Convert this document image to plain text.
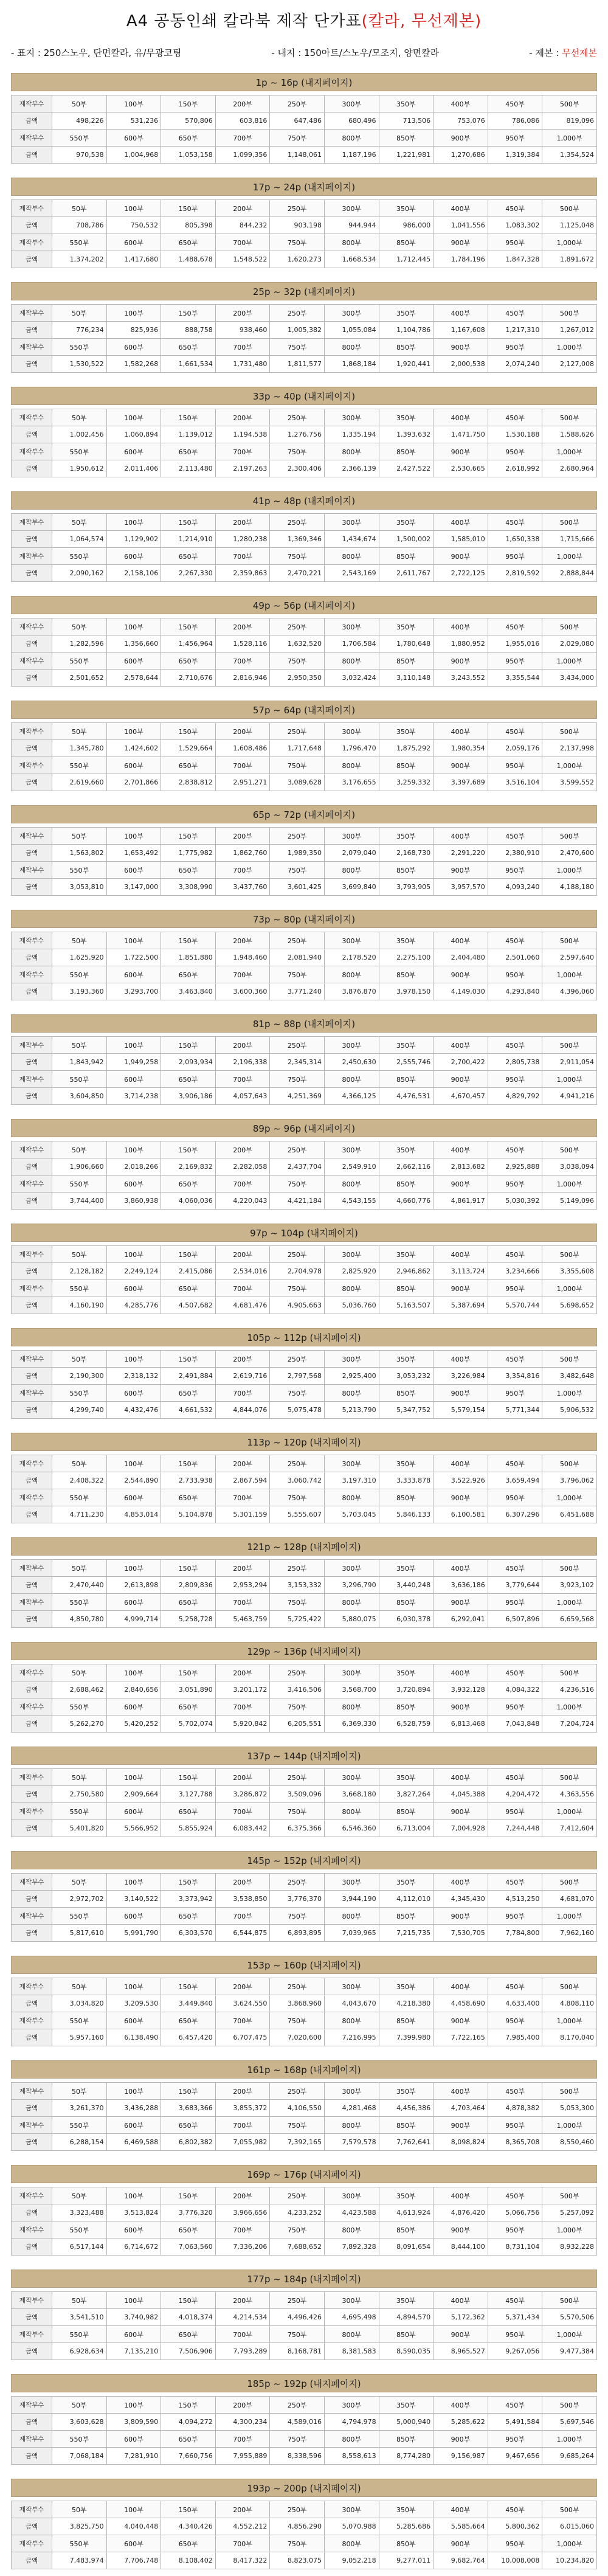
A4 공동인쇄 칼라북 제작 단가표 (칼라, 무선제본)
- 표지 : 250스노우, 단면칼라, 유/무광코팅	- 내지 : 150아트/스노우/모조지, 양면칼라	- 제본 : 무선제본
1p ~ 16p (내지페이지)
제작부수	50부	100부	150부	200부	250부	300부	350부	400부	450부	500부
금액	498,226	531,236	570,806	603,816	647,486	680,496	713,506	753,076	786,086	819,096
제작부수	550부	600부	650부	700부	750부	800부	850부	900부	950부	1,000부
금액	970,538	1,004,968	1,053,158	1,099,356	1,148,061	1,187,196	1,221,981	1,270,686	1,319,384	1,354,524
17p ~ 24p (내지페이지)
제작부수	50부	100부	150부	200부	250부	300부	350부	400부	450부	500부
금액	708,786	750,532	805,398	844,232	903,198	944,944	986,000	1,041,556	1,083,302	1,125,048
제작부수	550부	600부	650부	700부	750부	800부	850부	900부	950부	1,000부
금액	1,374,202	1,417,680	1,488,678	1,548,522	1,620,273	1,668,534	1,712,445	1,784,196	1,847,328	1,891,672
25p ~ 32p (내지페이지)
제작부수	50부	100부	150부	200부	250부	300부	350부	400부	450부	500부
금액	776,234	825,936	888,758	938,460	1,005,382	1,055,084	1,104,786	1,167,608	1,217,310	1,267,012
제작부수	550부	600부	650부	700부	750부	800부	850부	900부	950부	1,000부
금액	1,530,522	1,582,268	1,661,534	1,731,480	1,811,577	1,868,184	1,920,441	2,000,538	2,074,240	2,127,008
33p ~ 40p (내지페이지)
제작부수	50부	100부	150부	200부	250부	300부	350부	400부	450부	500부
금액	1,002,456	1,060,894	1,139,012	1,194,538	1,276,756	1,335,194	1,393,632	1,471,750	1,530,188	1,588,626
제작부수	550부	600부	650부	700부	750부	800부	850부	900부	950부	1,000부
금액	1,950,612	2,011,406	2,113,480	2,197,263	2,300,406	2,366,139	2,427,522	2,530,665	2,618,992	2,680,964
41p ~ 48p (내지페이지)
제작부수	50부	100부	150부	200부	250부	300부	350부	400부	450부	500부
금액	1,064,574	1,129,902	1,214,910	1,280,238	1,369,346	1,434,674	1,500,002	1,585,010	1,650,338	1,715,666
제작부수	550부	600부	650부	700부	750부	800부	850부	900부	950부	1,000부
금액	2,090,162	2,158,106	2,267,330	2,359,863	2,470,221	2,543,169	2,611,767	2,722,125	2,819,592	2,888,844
49p ~ 56p (내지페이지)
제작부수	50부	100부	150부	200부	250부	300부	350부	400부	450부	500부
금액	1,282,596	1,356,660	1,456,964	1,528,116	1,632,520	1,706,584	1,780,648	1,880,952	1,955,016	2,029,080
제작부수	550부	600부	650부	700부	750부	800부	850부	900부	950부	1,000부
금액	2,501,652	2,578,644	2,710,676	2,816,946	2,950,350	3,032,424	3,110,148	3,243,552	3,355,544	3,434,000
57p ~ 64p (내지페이지)
제작부수	50부	100부	150부	200부	250부	300부	350부	400부	450부	500부
금액	1,345,780	1,424,602	1,529,664	1,608,486	1,717,648	1,796,470	1,875,292	1,980,354	2,059,176	2,137,998
제작부수	550부	600부	650부	700부	750부	800부	850부	900부	950부	1,000부
금액	2,619,660	2,701,866	2,838,812	2,951,271	3,089,628	3,176,655	3,259,332	3,397,689	3,516,104	3,599,552
65p ~ 72p (내지페이지)
제작부수	50부	100부	150부	200부	250부	300부	350부	400부	450부	500부
금액	1,563,802	1,653,492	1,775,982	1,862,760	1,989,350	2,079,040	2,168,730	2,291,220	2,380,910	2,470,600
제작부수	550부	600부	650부	700부	750부	800부	850부	900부	950부	1,000부
금액	3,053,810	3,147,000	3,308,990	3,437,760	3,601,425	3,699,840	3,793,905	3,957,570	4,093,240	4,188,180
73p ~ 80p (내지페이지)
제작부수	50부	100부	150부	200부	250부	300부	350부	400부	450부	500부
금액	1,625,920	1,722,500	1,851,880	1,948,460	2,081,940	2,178,520	2,275,100	2,404,480	2,501,060	2,597,640
제작부수	550부	600부	650부	700부	750부	800부	850부	900부	950부	1,000부
금액	3,193,360	3,293,700	3,463,840	3,600,360	3,771,240	3,876,870	3,978,150	4,149,030	4,293,840	4,396,060
81p ~ 88p (내지페이지)
제작부수	50부	100부	150부	200부	250부	300부	350부	400부	450부	500부
금액	1,843,942	1,949,258	2,093,934	2,196,338	2,345,314	2,450,630	2,555,746	2,700,422	2,805,738	2,911,054
제작부수	550부	600부	650부	700부	750부	800부	850부	900부	950부	1,000부
금액	3,604,850	3,714,238	3,906,186	4,057,643	4,251,369	4,366,125	4,476,531	4,670,457	4,829,792	4,941,216
89p ~ 96p (내지페이지)
제작부수	50부	100부	150부	200부	250부	300부	350부	400부	450부	500부
금액	1,906,660	2,018,266	2,169,832	2,282,058	2,437,704	2,549,910	2,662,116	2,813,682	2,925,888	3,038,094
제작부수	550부	600부	650부	700부	750부	800부	850부	900부	950부	1,000부
금액	3,744,400	3,860,938	4,060,036	4,220,043	4,421,184	4,543,155	4,660,776	4,861,917	5,030,392	5,149,096
97p ~ 104p (내지페이지)
제작부수	50부	100부	150부	200부	250부	300부	350부	400부	450부	500부
금액	2,128,182	2,249,124	2,415,086	2,534,016	2,704,978	2,825,920	2,946,862	3,113,724	3,234,666	3,355,608
제작부수	550부	600부	650부	700부	750부	800부	850부	900부	950부	1,000부
금액	4,160,190	4,285,776	4,507,682	4,681,476	4,905,663	5,036,760	5,163,507	5,387,694	5,570,744	5,698,652
105p ~ 112p (내지페이지)
제작부수	50부	100부	150부	200부	250부	300부	350부	400부	450부	500부
금액	2,190,300	2,318,132	2,491,884	2,619,716	2,797,568	2,925,400	3,053,232	3,226,984	3,354,816	3,482,648
제작부수	550부	600부	650부	700부	750부	800부	850부	900부	950부	1,000부
금액	4,299,740	4,432,476	4,661,532	4,844,076	5,075,478	5,213,790	5,347,752	5,579,154	5,771,344	5,906,532
113p ~ 120p (내지페이지)
제작부수	50부	100부	150부	200부	250부	300부	350부	400부	450부	500부
금액	2,408,322	2,544,890	2,733,938	2,867,594	3,060,742	3,197,310	3,333,878	3,522,926	3,659,494	3,796,062
제작부수	550부	600부	650부	700부	750부	800부	850부	900부	950부	1,000부
금액	4,711,230	4,853,014	5,104,878	5,301,159	5,555,607	5,703,045	5,846,133	6,100,581	6,307,296	6,451,688
121p ~ 128p (내지페이지)
제작부수	50부	100부	150부	200부	250부	300부	350부	400부	450부	500부
금액	2,470,440	2,613,898	2,809,836	2,953,294	3,153,332	3,296,790	3,440,248	3,636,186	3,779,644	3,923,102
제작부수	550부	600부	650부	700부	750부	800부	850부	900부	950부	1,000부
금액	4,850,780	4,999,714	5,258,728	5,463,759	5,725,422	5,880,075	6,030,378	6,292,041	6,507,896	6,659,568
129p ~ 136p (내지페이지)
제작부수	50부	100부	150부	200부	250부	300부	350부	400부	450부	500부
금액	2,688,462	2,840,656	3,051,890	3,201,172	3,416,506	3,568,700	3,720,894	3,932,128	4,084,322	4,236,516
제작부수	550부	600부	650부	700부	750부	800부	850부	900부	950부	1,000부
금액	5,262,270	5,420,252	5,702,074	5,920,842	6,205,551	6,369,330	6,528,759	6,813,468	7,043,848	7,204,724
137p ~ 144p (내지페이지)
제작부수	50부	100부	150부	200부	250부	300부	350부	400부	450부	500부
금액	2,750,580	2,909,664	3,127,788	3,286,872	3,509,096	3,668,180	3,827,264	4,045,388	4,204,472	4,363,556
제작부수	550부	600부	650부	700부	750부	800부	850부	900부	950부	1,000부
금액	5,401,820	5,566,952	5,855,924	6,083,442	6,375,366	6,546,360	6,713,004	7,004,928	7,244,448	7,412,604
145p ~ 152p (내지페이지)
제작부수	50부	100부	150부	200부	250부	300부	350부	400부	450부	500부
금액	2,972,702	3,140,522	3,373,942	3,538,850	3,776,370	3,944,190	4,112,010	4,345,430	4,513,250	4,681,070
제작부수	550부	600부	650부	700부	750부	800부	850부	900부	950부	1,000부
금액	5,817,610	5,991,790	6,303,570	6,544,875	6,893,895	7,039,965	7,215,735	7,530,705	7,784,800	7,962,160
153p ~ 160p (내지페이지)
제작부수	50부	100부	150부	200부	250부	300부	350부	400부	450부	500부
금액	3,034,820	3,209,530	3,449,840	3,624,550	3,868,960	4,043,670	4,218,380	4,458,690	4,633,400	4,808,110
제작부수	550부	600부	650부	700부	750부	800부	850부	900부	950부	1,000부
금액	5,957,160	6,138,490	6,457,420	6,707,475	7,020,600	7,216,995	7,399,980	7,722,165	7,985,400	8,170,040
161p ~ 168p (내지페이지)
제작부수	50부	100부	150부	200부	250부	300부	350부	400부	450부	500부
금액	3,261,370	3,436,288	3,683,366	3,855,372	4,106,550	4,281,468	4,456,386	4,703,464	4,878,382	5,053,300
제작부수	550부	600부	650부	700부	750부	800부	850부	900부	950부	1,000부
금액	6,288,154	6,469,588	6,802,382	7,055,982	7,392,165	7,579,578	7,762,641	8,098,824	8,365,708	8,550,460
169p ~ 176p (내지페이지)
제작부수	50부	100부	150부	200부	250부	300부	350부	400부	450부	500부
금액	3,323,488	3,513,824	3,776,320	3,966,656	4,233,252	4,423,588	4,613,924	4,876,420	5,066,756	5,257,092
제작부수	550부	600부	650부	700부	750부	800부	850부	900부	950부	1,000부
금액	6,517,144	6,714,672	7,063,560	7,336,206	7,688,652	7,892,328	8,091,654	8,444,100	8,731,104	8,932,228
177p ~ 184p (내지페이지)
제작부수	50부	100부	150부	200부	250부	300부	350부	400부	450부	500부
금액	3,541,510	3,740,982	4,018,374	4,214,534	4,496,426	4,695,498	4,894,570	5,172,362	5,371,434	5,570,506
제작부수	550부	600부	650부	700부	750부	800부	850부	900부	950부	1,000부
금액	6,928,634	7,135,210	7,506,906	7,793,289	8,168,781	8,381,583	8,590,035	8,965,527	9,267,056	9,477,384
185p ~ 192p (내지페이지)
제작부수	50부	100부	150부	200부	250부	300부	350부	400부	450부	500부
금액	3,603,628	3,809,590	4,094,272	4,300,234	4,589,016	4,794,978	5,000,940	5,285,622	5,491,584	5,697,546
제작부수	550부	600부	650부	700부	750부	800부	850부	900부	950부	1,000부
금액	7,068,184	7,281,910	7,660,756	7,955,889	8,338,596	8,558,613	8,774,280	9,156,987	9,467,656	9,685,264
193p ~ 200p (내지페이지)
제작부수	50부	100부	150부	200부	250부	300부	350부	400부	450부	500부
금액	3,825,750	4,040,448	4,340,426	4,552,212	4,856,290	5,070,988	5,285,686	5,585,664	5,800,362	6,015,060
제작부수	550부	600부	650부	700부	750부	800부	850부	900부	950부	1,000부
금액	7,483,974	7,706,748	8,108,402	8,417,322	8,823,075	9,052,218	9,277,011	9,682,764	10,008,008	10,234,820
